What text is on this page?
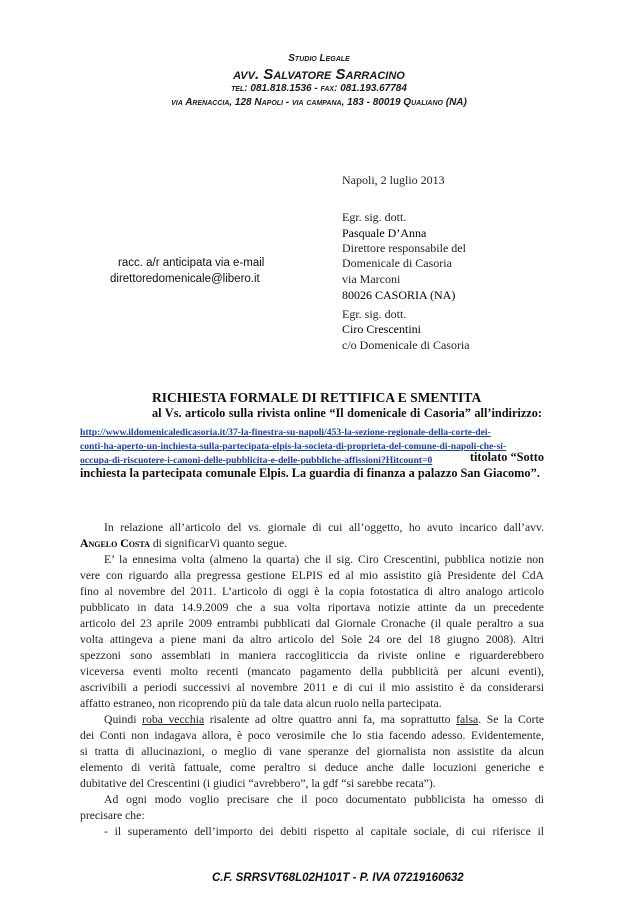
Studio Legale
avv. Salvatore Sarracino
tel: 081.818.1536 - fax: 081.193.67784
via Arenaccia, 128 Napoli - via campana, 183 - 80019 Qualiano (NA)
Napoli, 2 luglio 2013
Egr. sig. dott.
Pasquale D’Anna
Direttore responsabile del
Domenicale di Casoria
via Marconi
80026 CASORIA (NA)
racc. a/r anticipata via e-mail
direttoredomenicale@libero.it
Egr. sig. dott.
Ciro Crescentini
c/o Domenicale di Casoria
RICHIESTA FORMALE DI RETTIFICA E SMENTITA
al Vs. articolo sulla rivista online “Il domenicale di Casoria” all’indirizzo:
http://www.ildomenicaledicasoria.it/37-la-finestra-su-napoli/453-la-sezione-regionale-della-corte-dei-
conti-ha-aperto-un-inchiesta-sulla-partecipata-elpis-la-societa-di-proprieta-del-comune-di-napoli-che-si-
occupa-di-riscuotere-i-canoni-delle-pubblicita-e-delle-pubbliche-affissioni?Hitcount=0	titolato “Sotto
inchiesta la partecipata comunale Elpis. La guardia di finanza a palazzo San Giacomo”.
In relazione all’articolo del vs. giornale di cui all’oggetto, ho avuto incarico dall’avv.
Angelo Costa di significarVi quanto segue.
E’ la ennesima volta (almeno la quarta) che il sig. Ciro Crescentini, pubblica notizie non
vere con riguardo alla pregressa gestione ELPIS ed al mio assistito già Presidente del CdA
fino al novembre del 2011. L’articolo di oggi è la copia fotostatica di altro analogo articolo
pubblicato in data 14.9.2009 che a sua volta riportava notizie attinte da un precedente
articolo del 23 aprile 2009 entrambi pubblicati dal Giornale Cronache (il quale peraltro a sua
volta attingeva a piene mani da altro articolo del Sole 24 ore del 18 giugno 2008). Altri
spezzoni sono assemblati in maniera raccogliticcia da riviste online e riguarderebbero
viceversa eventi molto recenti (mancato pagamento della pubblicità per alcuni eventi),
ascrivibili a periodi successivi al novembre 2011 e di cui il mio assistito è da considerarsi
affatto estraneo, non ricoprendo più da tale data alcun ruolo nella partecipata.
Quindi roba vecchia risalente ad oltre quattro anni fa, ma soprattutto falsa. Se la Corte
dei Conti non indagava allora, è poco verosimile che lo stia facendo adesso. Evidentemente,
si tratta di allucinazioni, o meglio di vane speranze del giornalista non assistite da alcun
elemento di verità fattuale, come peraltro si deduce anche dalle locuzioni generiche e
dubitative del Crescentini (i giudici “avrebbero”, la gdf “si sarebbe recata”).
Ad ogni modo voglio precisare che il poco documentato pubblicista ha omesso di
precisare che:
- il superamento dell’importo dei debiti rispetto al capitale sociale, di cui riferisce il
C.F. SRRSVT68L02H101T - P. IVA 07219160632
